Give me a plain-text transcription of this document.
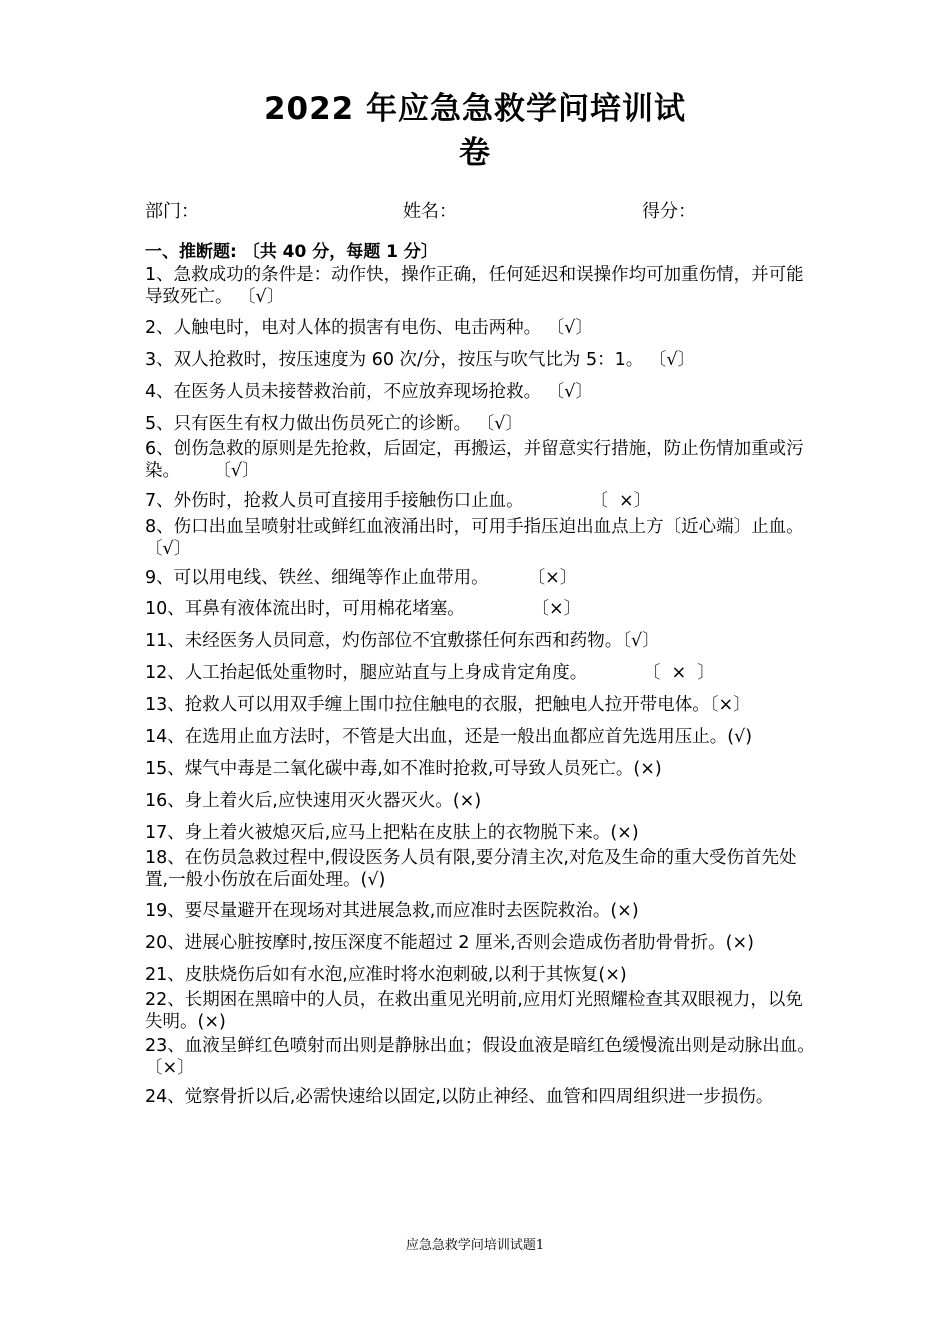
2022 年应急急救学问培训试
卷
部门：	姓名：	得分：
一、推断题: 〔共 40 分，每题 1 分〕
1、急救成功的条件是：动作快，操作正确，任何延迟和误操作均可加重伤情，并可能导致死亡。 〔√〕
2、人触电时，电对人体的损害有电伤、电击两种。 〔√〕
3、双人抢救时，按压速度为 60 次/分，按压与吹气比为 5：1。 〔√〕
4、在医务人员未接替救治前，不应放弃现场抢救。 〔√〕
5、只有医生有权力做出伤员死亡的诊断。 〔√〕
6、创伤急救的原则是先抢救，后固定，再搬运，并留意实行措施，防止伤情加重或污染。      〔√〕
7、外伤时，抢救人员可直接用手接触伤口止血。            〔  ×〕
8、伤口出血呈喷射壮或鲜红血液涌出时，可用手指压迫出血点上方〔近心端〕止血。                  〔√〕
9、可以用电线、铁丝、细绳等作止血带用。       〔×〕
10、耳鼻有液体流出时，可用棉花堵塞。            〔×〕
11、未经医务人员同意，灼伤部位不宜敷搽任何东西和药物。〔√〕
12、人工抬起低处重物时，腿应站直与上身成肯定角度。          〔  ×  〕
13、抢救人可以用双手缠上围巾拉住触电的衣服，把触电人拉开带电体。〔×〕
14、在选用止血方法时，不管是大出血，还是一般出血都应首先选用压止。(√)
15、煤气中毒是二氧化碳中毒,如不准时抢救,可导致人员死亡。(×)
16、身上着火后,应快速用灭火器灭火。(×)
17、身上着火被熄灭后,应马上把粘在皮肤上的衣物脱下来。(×)
18、在伤员急救过程中,假设医务人员有限,要分清主次,对危及生命的重大受伤首先处置,一般小伤放在后面处理。(√)
19、要尽量避开在现场对其进展急救,而应准时去医院救治。(×)
20、进展心脏按摩时,按压深度不能超过 2 厘米,否则会造成伤者肋骨骨折。(×)
21、皮肤烧伤后如有水泡,应准时将水泡刺破,以利于其恢复(×)
22、长期困在黑暗中的人员，在救出重见光明前,应用灯光照耀检查其双眼视力，以免失明。(×)
23、血液呈鲜红色喷射而出则是静脉出血；假设血液是暗红色缓慢流出则是动脉出血。〔×〕
24、觉察骨折以后,必需快速给以固定,以防止神经、血管和四周组织进一步损伤。
应急急救学问培训试题1
